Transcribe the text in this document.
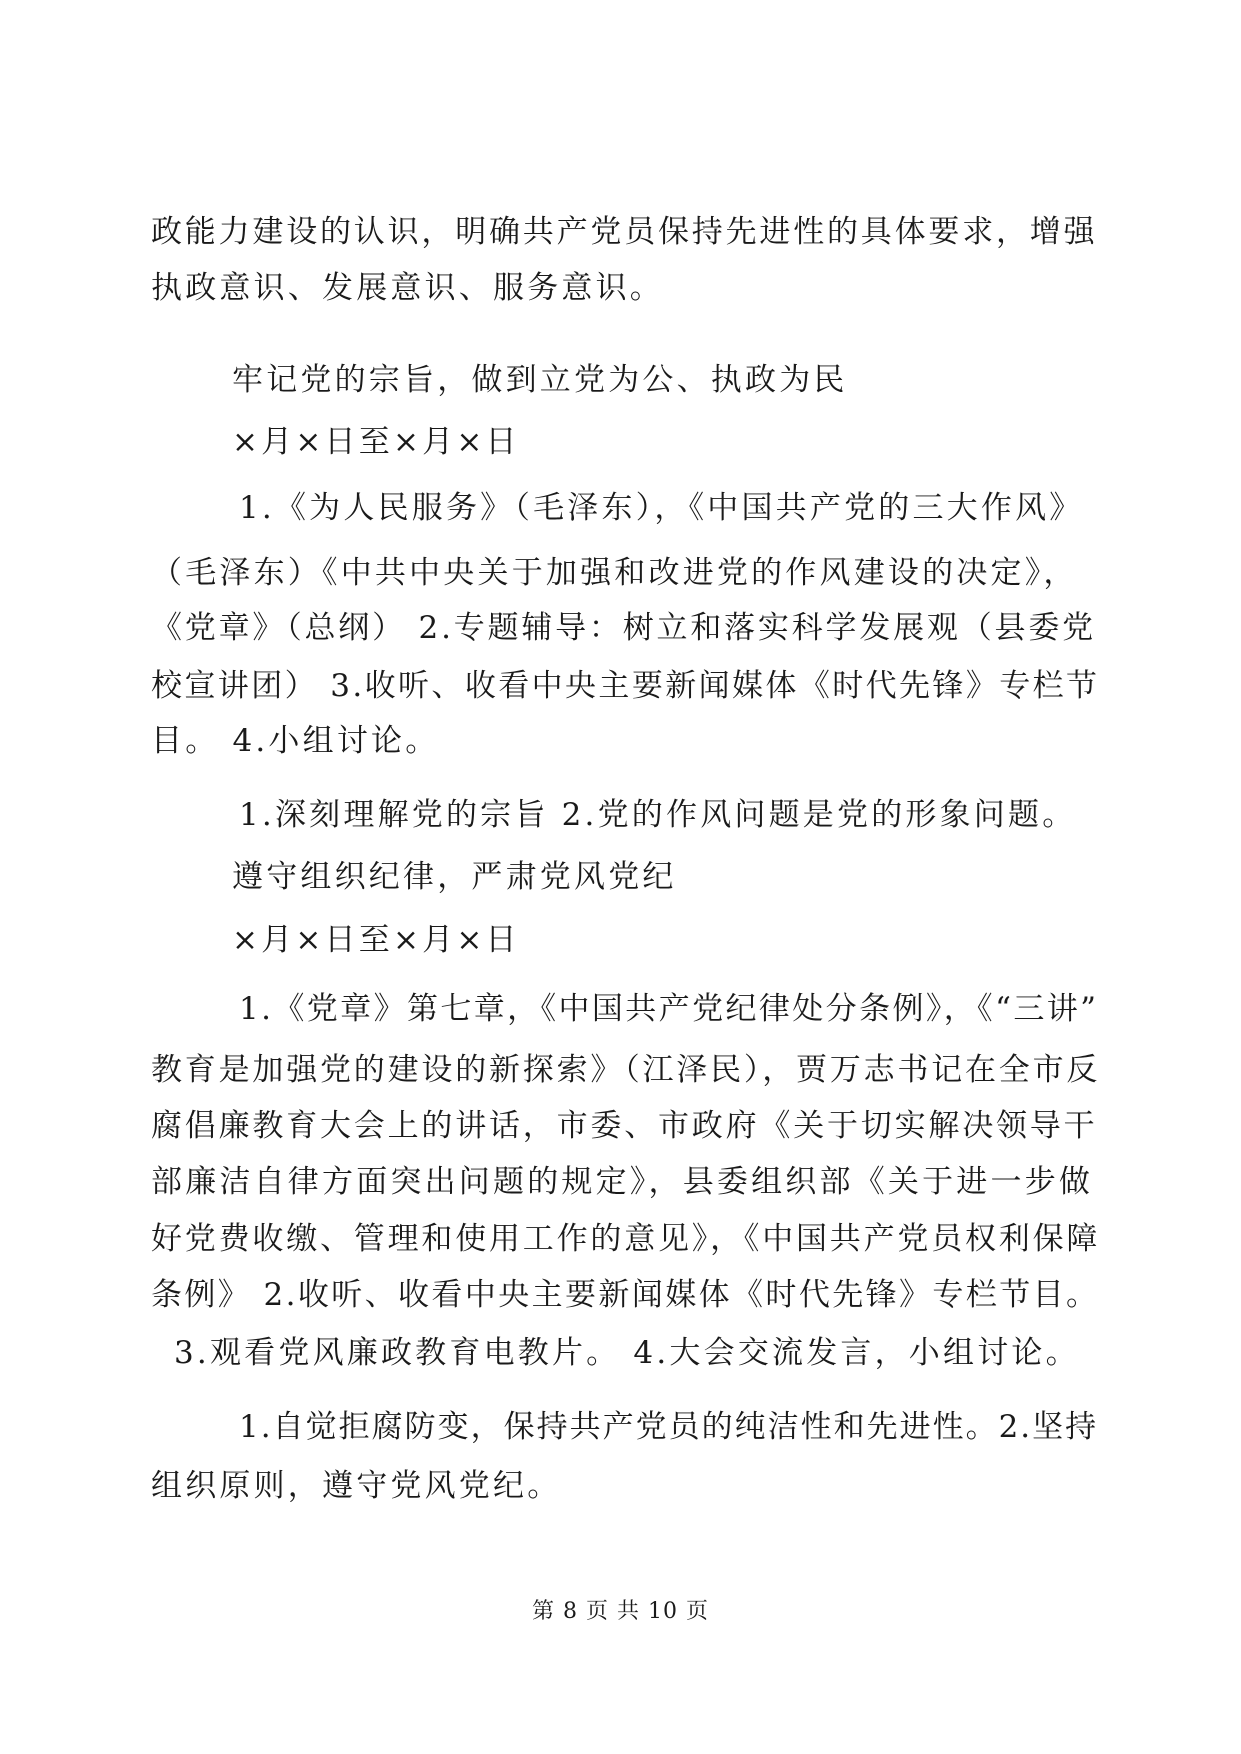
政能力建设的认识，明确共产党员保持先进性的具体要求，增强
执政意识、发展意识、服务意识。
牢记党的宗旨，做到立党为公、执政为民
×月×日至×月×日
1.《为人民服务》（毛泽东），《中国共产党的三大作风》
（毛泽东）《中共中央关于加强和改进党的作风建设的决定》，
《党章》（总纲） 2.专题辅导：树立和落实科学发展观（县委党
校宣讲团） 3.收听、收看中央主要新闻媒体《时代先锋》专栏节
目。 4.小组讨论。
1.深刻理解党的宗旨 2.党的作风问题是党的形象问题。
遵守组织纪律，严肃党风党纪
×月×日至×月×日
1.《党章》第七章，《中国共产党纪律处分条例》，《“三讲”
教育是加强党的建设的新探索》（江泽民），贾万志书记在全市反
腐倡廉教育大会上的讲话，市委、市政府《关于切实解决领导干
部廉洁自律方面突出问题的规定》，县委组织部《关于进一步做
好党费收缴、管理和使用工作的意见》，《中国共产党员权利保障
条例》 2.收听、收看中央主要新闻媒体《时代先锋》专栏节目。
3.观看党风廉政教育电教片。 4.大会交流发言，小组讨论。
1.自觉拒腐防变，保持共产党员的纯洁性和先进性。2.坚持
组织原则，遵守党风党纪。
第 8 页 共 10 页
